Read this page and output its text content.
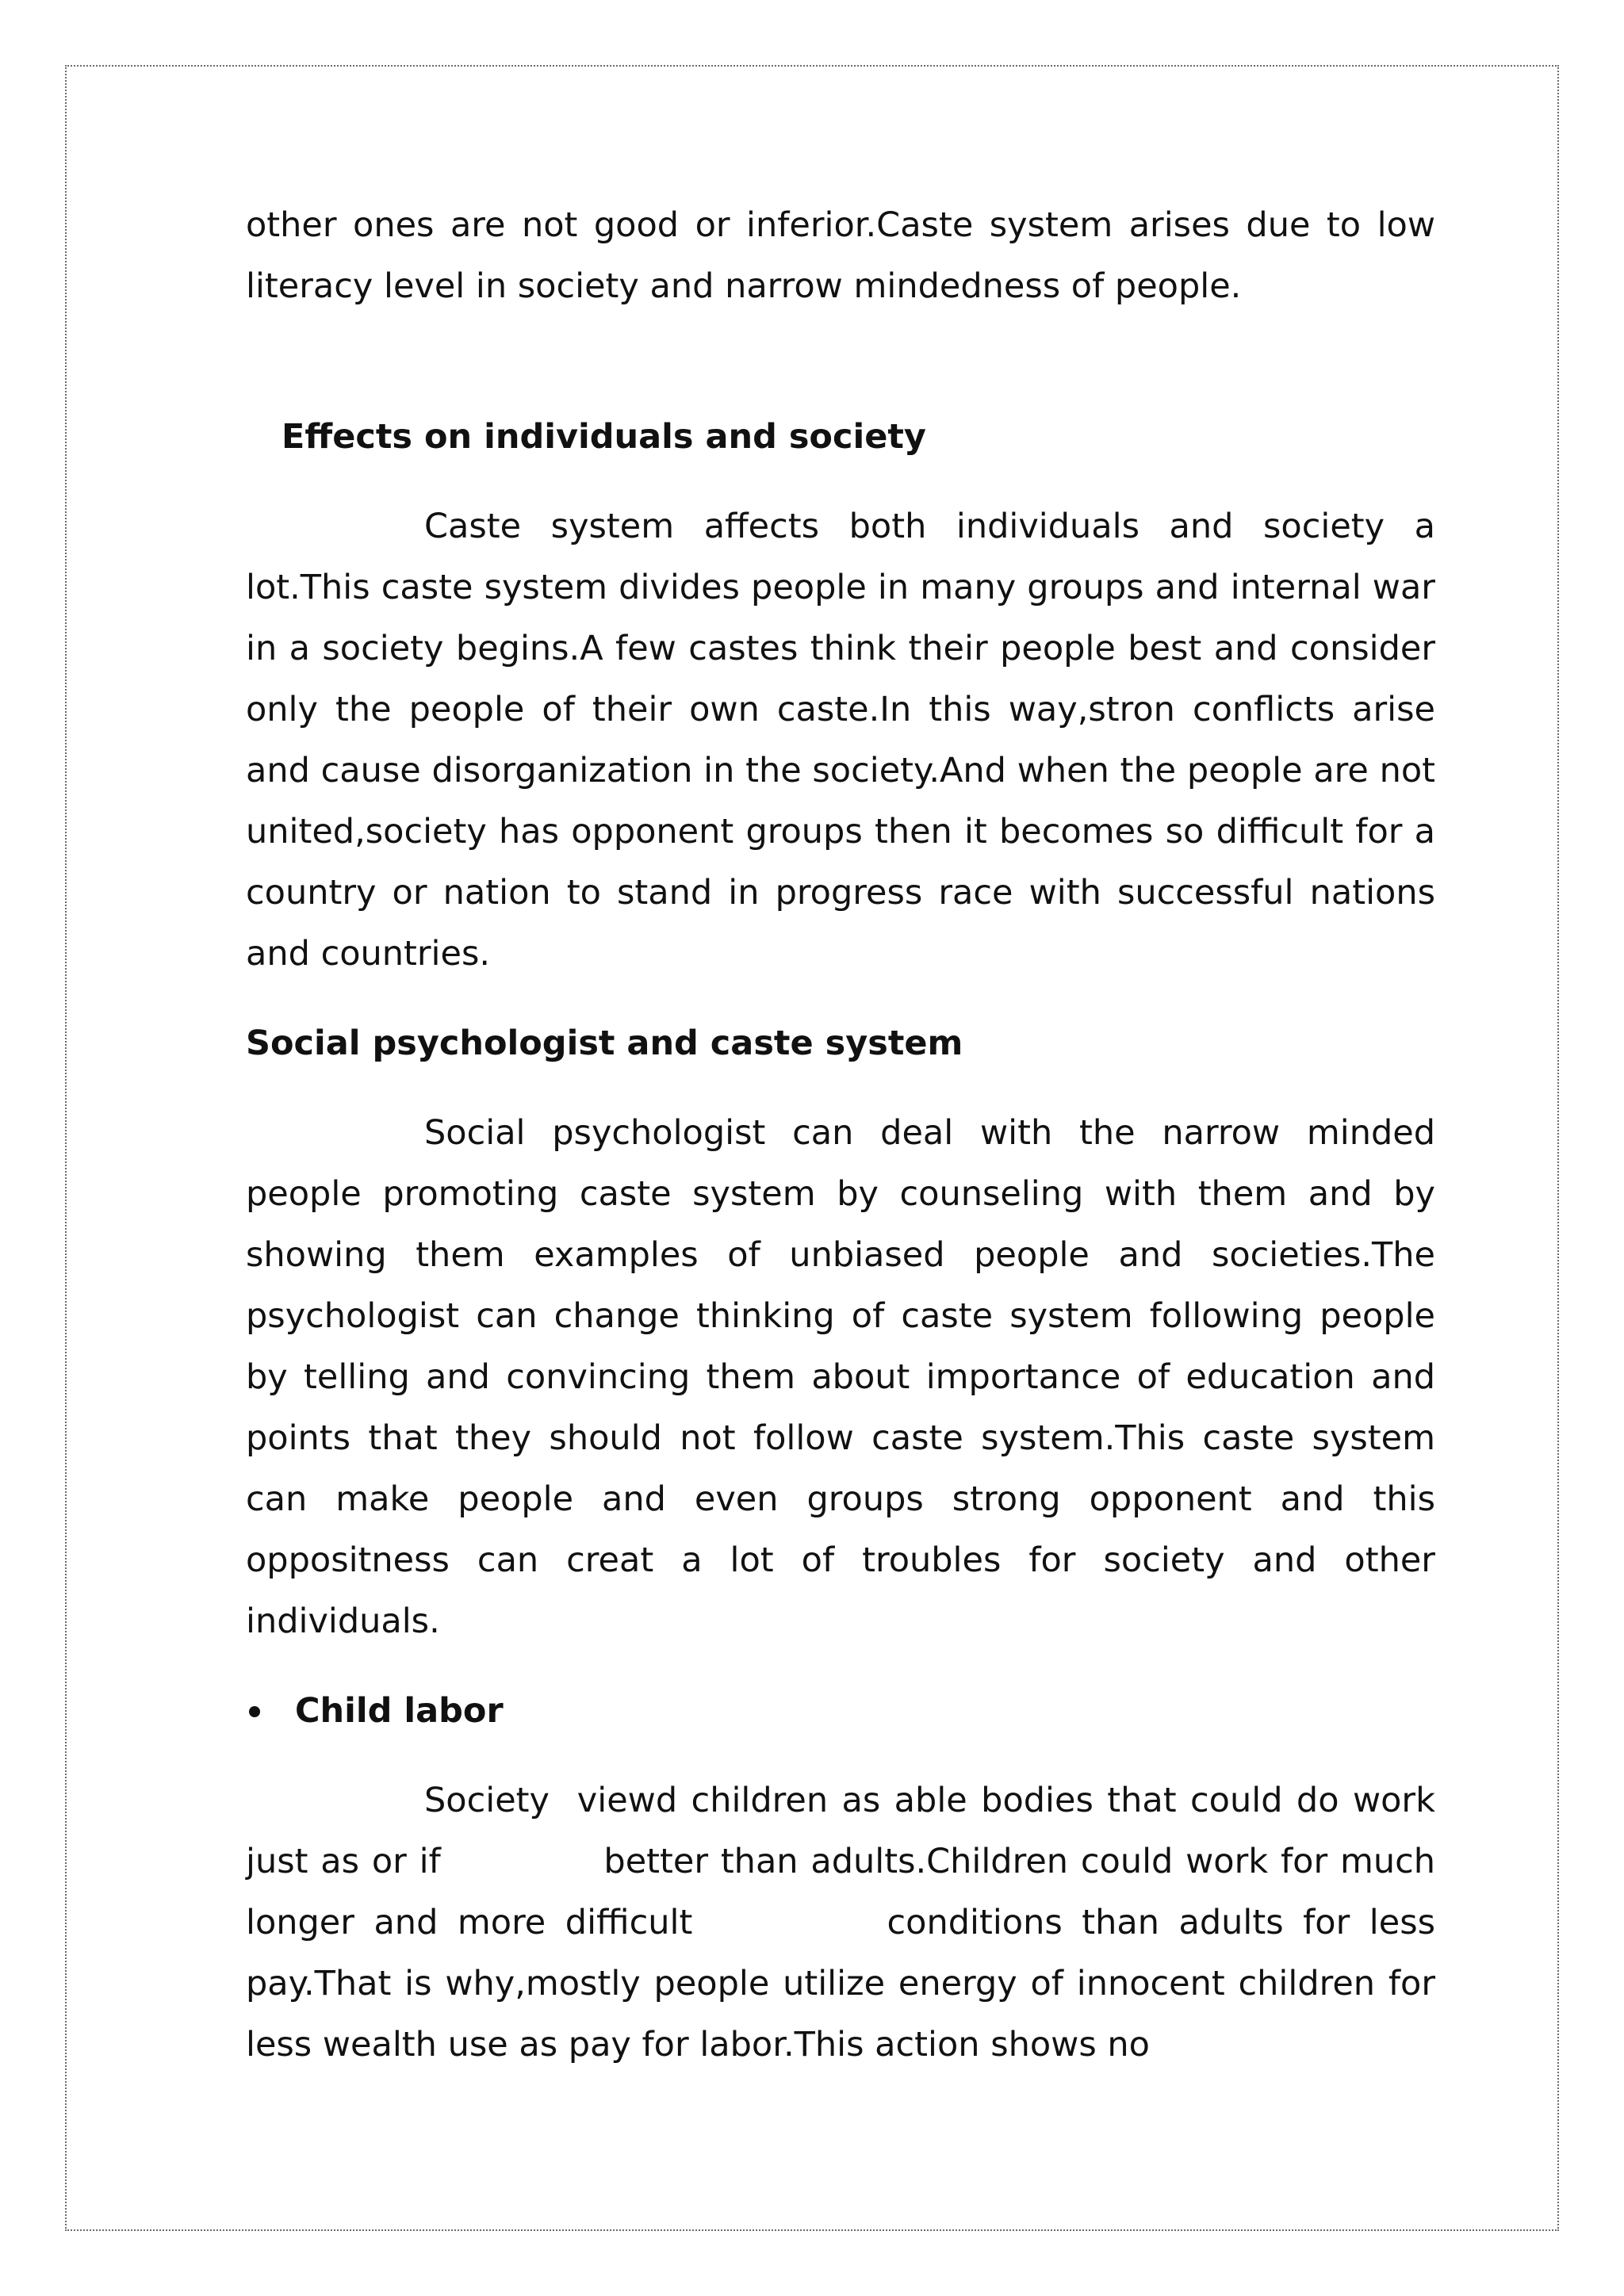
other ones are not good or inferior.Caste system arises due to low literacy level in society and narrow mindedness of people.

Effects on individuals and society

Caste system affects both individuals and society a lot.This caste system divides people in many groups and internal war in a society begins.A few castes think their people best and consider only the people of their own caste.In this way,stron conflicts arise and cause disorganization in the society.And when the people are not united,society has opponent groups then it becomes so difficult for a country or nation to stand in progress race with successful nations and countries.

Social psychologist and caste system

Social psychologist can deal with the narrow minded people promoting caste system by counseling with them and by showing them examples of unbiased people and societies.The psychologist can change thinking of caste system following people by telling and convincing them about importance of education and points that they should not follow caste system.This caste system can make people and even groups strong opponent and this oppositness can creat a lot of troubles for society and other individuals.

Child labor

Society  viewd children as able bodies that could do work just as or if             better than adults.Children could work for much longer and more difficult          conditions than adults for less pay.That is why,mostly people utilize energy of innocent children for less wealth use as pay for labor.This action shows no
